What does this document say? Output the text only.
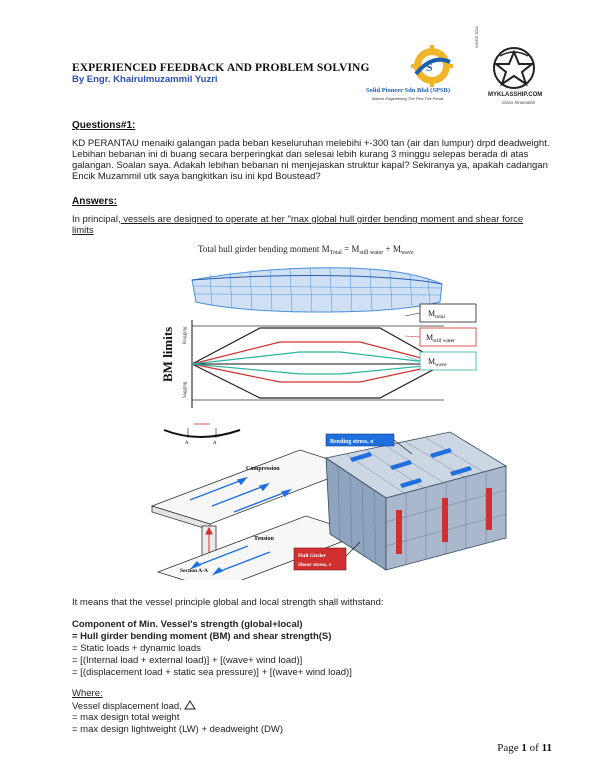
EXPERIENCED FEEDBACK AND PROBLEM SOLVING
By Engr. Khairulmuzammil Yuzri
S
Solid Pioneer Sdn Bhd (SPSB)
Marine Engineering The Few The Proud
SINCE 2011
MYKLASSHIP.COM
Class Innovation
Questions#1:
KD PERANTAU menaiki galangan pada beban keseluruhan melebihi +-300 tan (air dan lumpur) drpd deadweight.
Lebihan bebanan ini di buang secara berperingkat dan selesai lebih kurang 3 minggu selepas berada di atas
galangan. Soalan saya. Adakah lebihan bebanan ni menjejaskan struktur kapal? Sekiranya ya, apakah cadangan
Encik Muzammil utk saya bangkitkan isu ini kpd Boustead?
Answers:
In principal, vessels are designed to operate at her "max global hull girder bending moment and shear force
limits
Total hull girder bending moment $M_{Total} = M_{still water} + M_{wave}$
BM limits Hogging
Sagging
$M_{total}$
$M_{still water}$
$M_{wave}$
A	A
Compression
Tension
Section A-A
Bending stress, σ
Hull Girder
Shear stress, τ
It means that the vessel principle global and local strength shall withstand:
Component of Min. Vessel's strength (global+local)
= Hull girder bending moment (BM) and shear strength(S)
= Static loads + dynamic loads
= [(Internal load + external load)] + [(wave+ wind load)]
= [(displacement load + static sea pressure)] + [(wave+ wind load)]
Where:
Vessel displacement load,
= max design total weight
= max design lightweight (LW) + deadweight (DW)
Page 1 of 11
